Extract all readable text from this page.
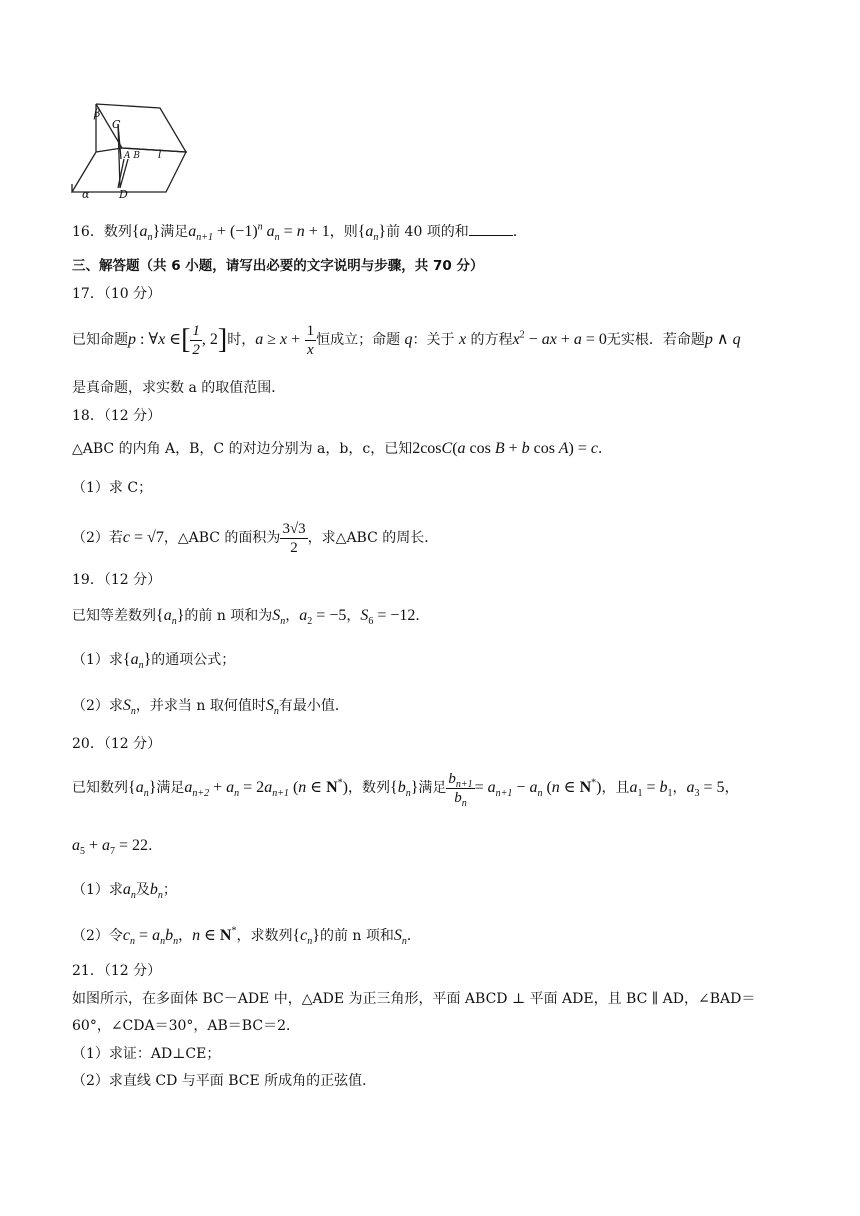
β
C
A B l
D
α
16．数列$\{a_n\}$满足$a_{n+1} + (-1)^n$ $a_n = n + 1$，则$\{a_n\}$前 40 项的和	．
三、解答题（共 6 小题，请写出必要的文字说明与步骤，共 70 分）
17．（10 分）
已知命题p : ∀x ∈[ $\frac{1}{2}$ , 2]时，$a \ge x + \frac{1}{x}$ 恒成立；命题 q：关于 x 的方程$x^2$ − ax + a = 0无实根．若命题p ∧ q
是真命题，求实数 a 的取值范围．
18．（12 分）
△ABC 的内角 A，B，C 的对边分别为 a，b，c，已知2cosC(a cos B + b cos A) = c．
（1）求 C；
（2）若c = √7，△ABC 的面积为 $\frac{3√3}{2}$ ，求△ABC 的周长．
19．（12 分）
已知等差数列$\{a_n\}$的前 n 项和为$S_n$，$a_2 = -5$，$S_6 = -12$．
（1）求$\{a_n\}$的通项公式；
（2）求$S_n$，并求当 n 取何值时$S_n$有最小值．
20．（12 分）
已知数列$\{a_n\}$满足$a_{n+2} + a_n = 2a_{n+1}$ (n ∈ N*)，数列$\{b_n\}$满足 $\frac{b_{n+1}}{b_n} = a_{n+1} - a_n$ (n ∈ N*)，且$a_1 = b_1$，$a_3 = 5$，
$a_5 + a_7 = 22$．
（1）求$a_n$及$b_n$；
（2）令$c_n = a_nb_n$，n ∈ N*，求数列$\{c_n\}$的前 n 项和$S_n$．
21．（12 分）
如图所示，在多面体 BC－ADE 中，△ADE 为正三角形，平面 ABCD ⊥ 平面 ADE，且 BC ∥ AD，∠BAD＝
60°，∠CDA＝30°，AB＝BC＝2．
（1）求证：AD⊥CE；
（2）求直线 CD 与平面 BCE 所成角的正弦值．
